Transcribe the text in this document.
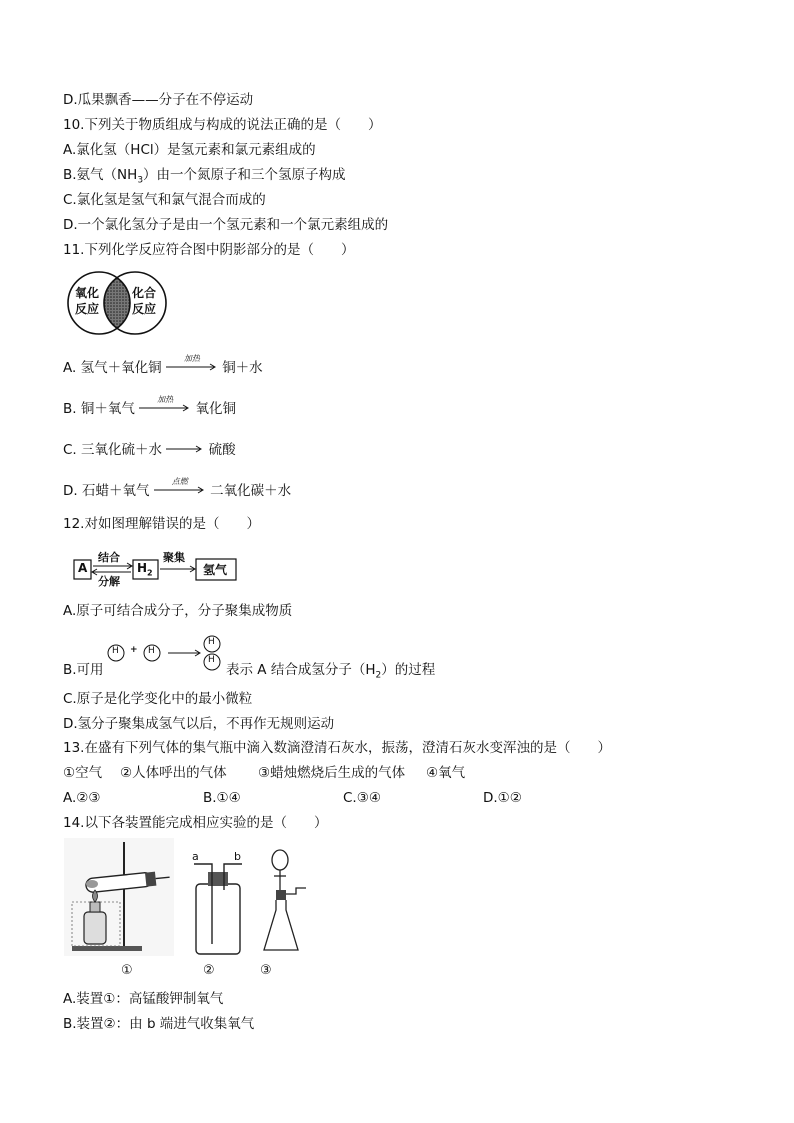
D.瓜果飘香——分子在不停运动
10.下列关于物质组成与构成的说法正确的是（　　）
A.氯化氢（HCl）是氢元素和氯元素组成的
B.氨气$(NH_3)$由一个氮原子和三个氢原子构成
C.氯化氢是氢气和氯气混合而成的
D.一个氯化氢分子是由一个氢元素和一个氯元素组成的
11.下列化学反应符合图中阴影部分的是（　　）
氧化
反应
化合
反应
A. 氢气＋氧化铜
加热
铜＋水
B. 铜＋氧气
加热
氧化铜
C. 三氧化硫＋水	硫酸
D. 石蜡＋氧气
点燃
二氧化碳＋水
12.对如图理解错误的是（　　）
A
结合
分解
$H_2$
聚集
氢气
A.原子可结合成分子，分子聚集成物质
B.可用
H + H
H
H
表示 A 结合成氢分子$(H_2)$的过程
C.原子是化学变化中的最小微粒
D.氢分子聚集成氢气以后，不再作无规则运动
13.在盛有下列气体的集气瓶中滴入数滴澄清石灰水，振荡，澄清石灰水变浑浊的是（　　）
①空气 ②人体呼出的气体 ③蜡烛燃烧后生成的气体 ④氧气
A.②③	B.①④	C.③④	D.①②
14.以下各装置能完成相应实验的是（　　）
①
a	b
②	③
A.装置①：高锰酸钾制氧气
B.装置②：由 b 端进气收集氧气
